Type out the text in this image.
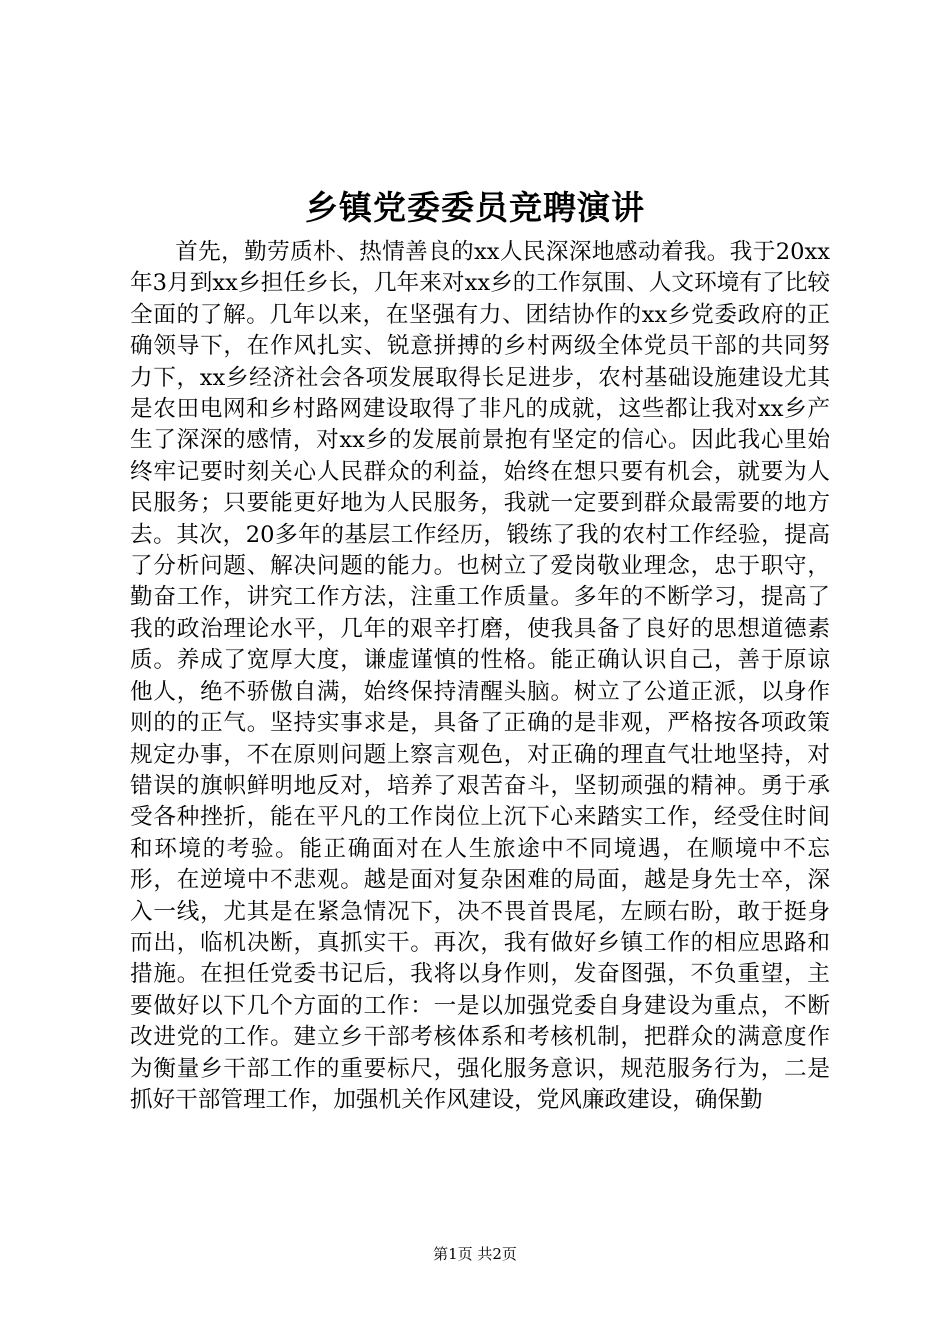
乡镇党委委员竞聘演讲

首先，勤劳质朴、热情善良的xx人民深深地感动着我。我于20xx年3月到xx乡担任乡长，几年来对xx乡的工作氛围、人文环境有了比较全面的了解。几年以来，在坚强有力、团结协作的xx乡党委政府的正确领导下，在作风扎实、锐意拼搏的乡村两级全体党员干部的共同努力下，xx乡经济社会各项发展取得长足进步，农村基础设施建设尤其是农田电网和乡村路网建设取得了非凡的成就，这些都让我对xx乡产生了深深的感情，对xx乡的发展前景抱有坚定的信心。因此我心里始终牢记要时刻关心人民群众的利益，始终在想只要有机会，就要为人民服务；只要能更好地为人民服务，我就一定要到群众最需要的地方去。其次，20多年的基层工作经历，锻练了我的农村工作经验，提高了分析问题、解决问题的能力。也树立了爱岗敬业理念，忠于职守，勤奋工作，讲究工作方法，注重工作质量。多年的不断学习，提高了我的政治理论水平，几年的艰辛打磨，使我具备了良好的思想道德素质。养成了宽厚大度，谦虚谨慎的性格。能正确认识自己，善于原谅他人，绝不骄傲自满，始终保持清醒头脑。树立了公道正派，以身作则的的正气。坚持实事求是，具备了正确的是非观，严格按各项政策规定办事，不在原则问题上察言观色，对正确的理直气壮地坚持，对错误的旗帜鲜明地反对，培养了艰苦奋斗，坚韧顽强的精神。勇于承受各种挫折，能在平凡的工作岗位上沉下心来踏实工作，经受住时间和环境的考验。能正确面对在人生旅途中不同境遇，在顺境中不忘形，在逆境中不悲观。越是面对复杂困难的局面，越是身先士卒，深入一线，尤其是在紧急情况下，决不畏首畏尾，左顾右盼，敢于挺身而出，临机决断，真抓实干。再次，我有做好乡镇工作的相应思路和措施。在担任党委书记后，我将以身作则，发奋图强，不负重望，主要做好以下几个方面的工作：一是以加强党委自身建设为重点，不断改进党的工作。建立乡干部考核体系和考核机制，把群众的满意度作为衡量乡干部工作的重要标尺，强化服务意识，规范服务行为，二是抓好干部管理工作，加强机关作风建设，党风廉政建设，确保勤

第1页 共2页
